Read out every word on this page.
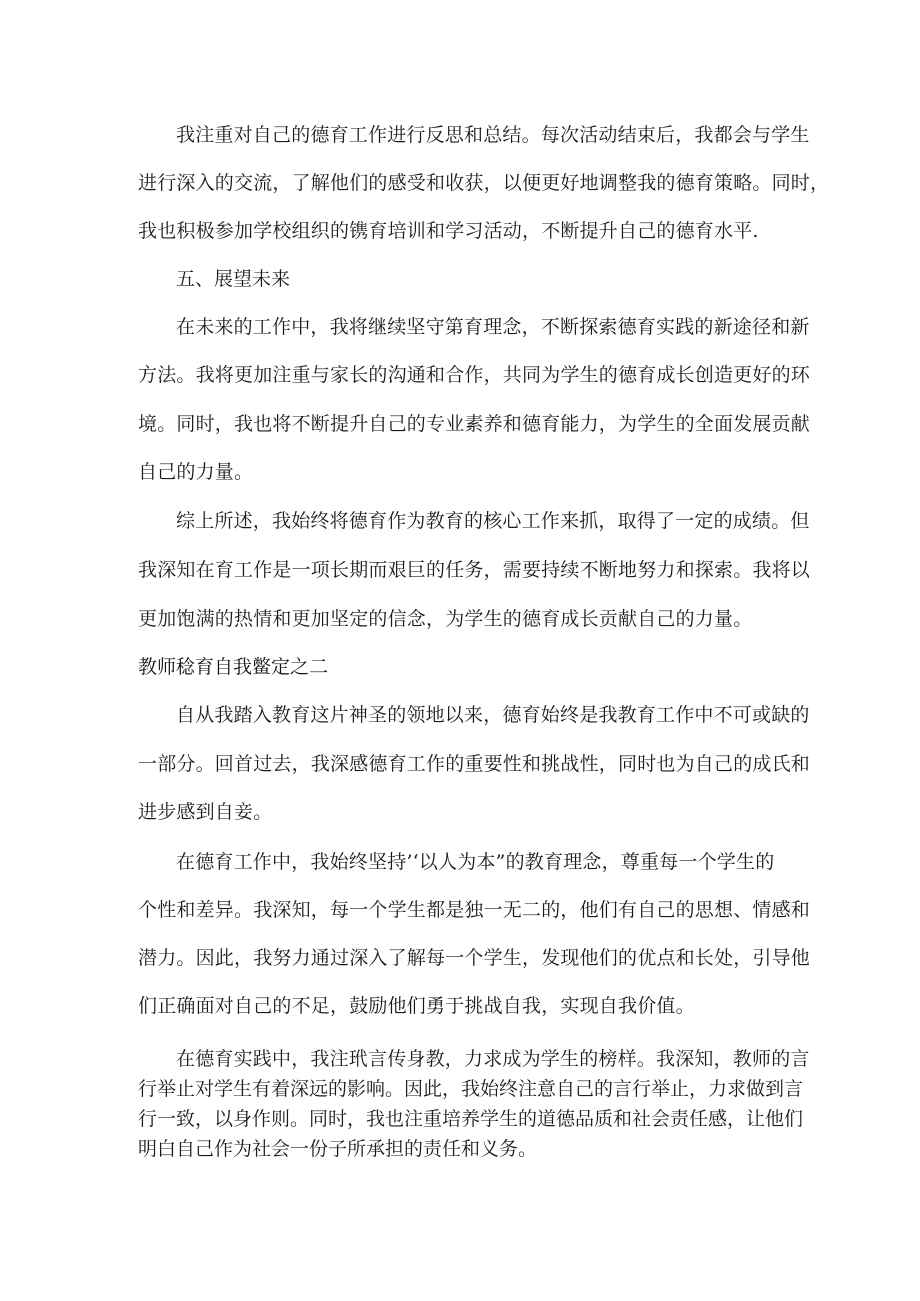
我注重对自己的德育工作进行反思和总结。每次活动结束后，我都会与学生
进行深入的交流，了解他们的感受和收获，以便更好地调整我的德育策略。同时，
我也积极参加学校组织的镌育培训和学习活动，不断提升自己的德育水平.
五、展望未来
在未来的工作中，我将继续坚守第育理念，不断探索德育实践的新途径和新
方法。我将更加注重与家长的沟通和合作，共同为学生的德育成长创造更好的环
境。同时，我也将不断提升自己的专业素养和德育能力，为学生的全面发展贡献
自己的力量。
综上所述，我始终将德育作为教育的核心工作来抓，取得了一定的成绩。但
我深知在育工作是一项长期而艰巨的任务，需要持续不断地努力和探索。我将以
更加饱满的热情和更加坚定的信念，为学生的德育成长贡献自己的力量。
教师稔育自我鳖定之二
自从我踏入教育这片神圣的领地以来，德育始终是我教育工作中不可或缺的
一部分。回首过去，我深感德育工作的重要性和挑战性，同时也为自己的成氏和
进步感到自妾。
在德育工作中，我始终坚持’‘以人为本”的教育理念，尊重每一个学生的
个性和差异。我深知，每一个学生都是独一无二的，他们有自己的思想、情感和
潜力。因此，我努力通过深入了解每一个学生，发现他们的优点和长处，引导他
们正确面对自己的不足，鼓励他们勇于挑战自我，实现自我价值。
在德育实践中，我注玳言传身教，力求成为学生的榜样。我深知，教师的言
行举止对学生有着深远的影响。因此，我始终注意自己的言行举止，力求做到言
行一致，以身作则。同时，我也注重培养学生的道德品质和社会责任感，让他们
明白自己作为社会一份子所承担的责任和义务。
